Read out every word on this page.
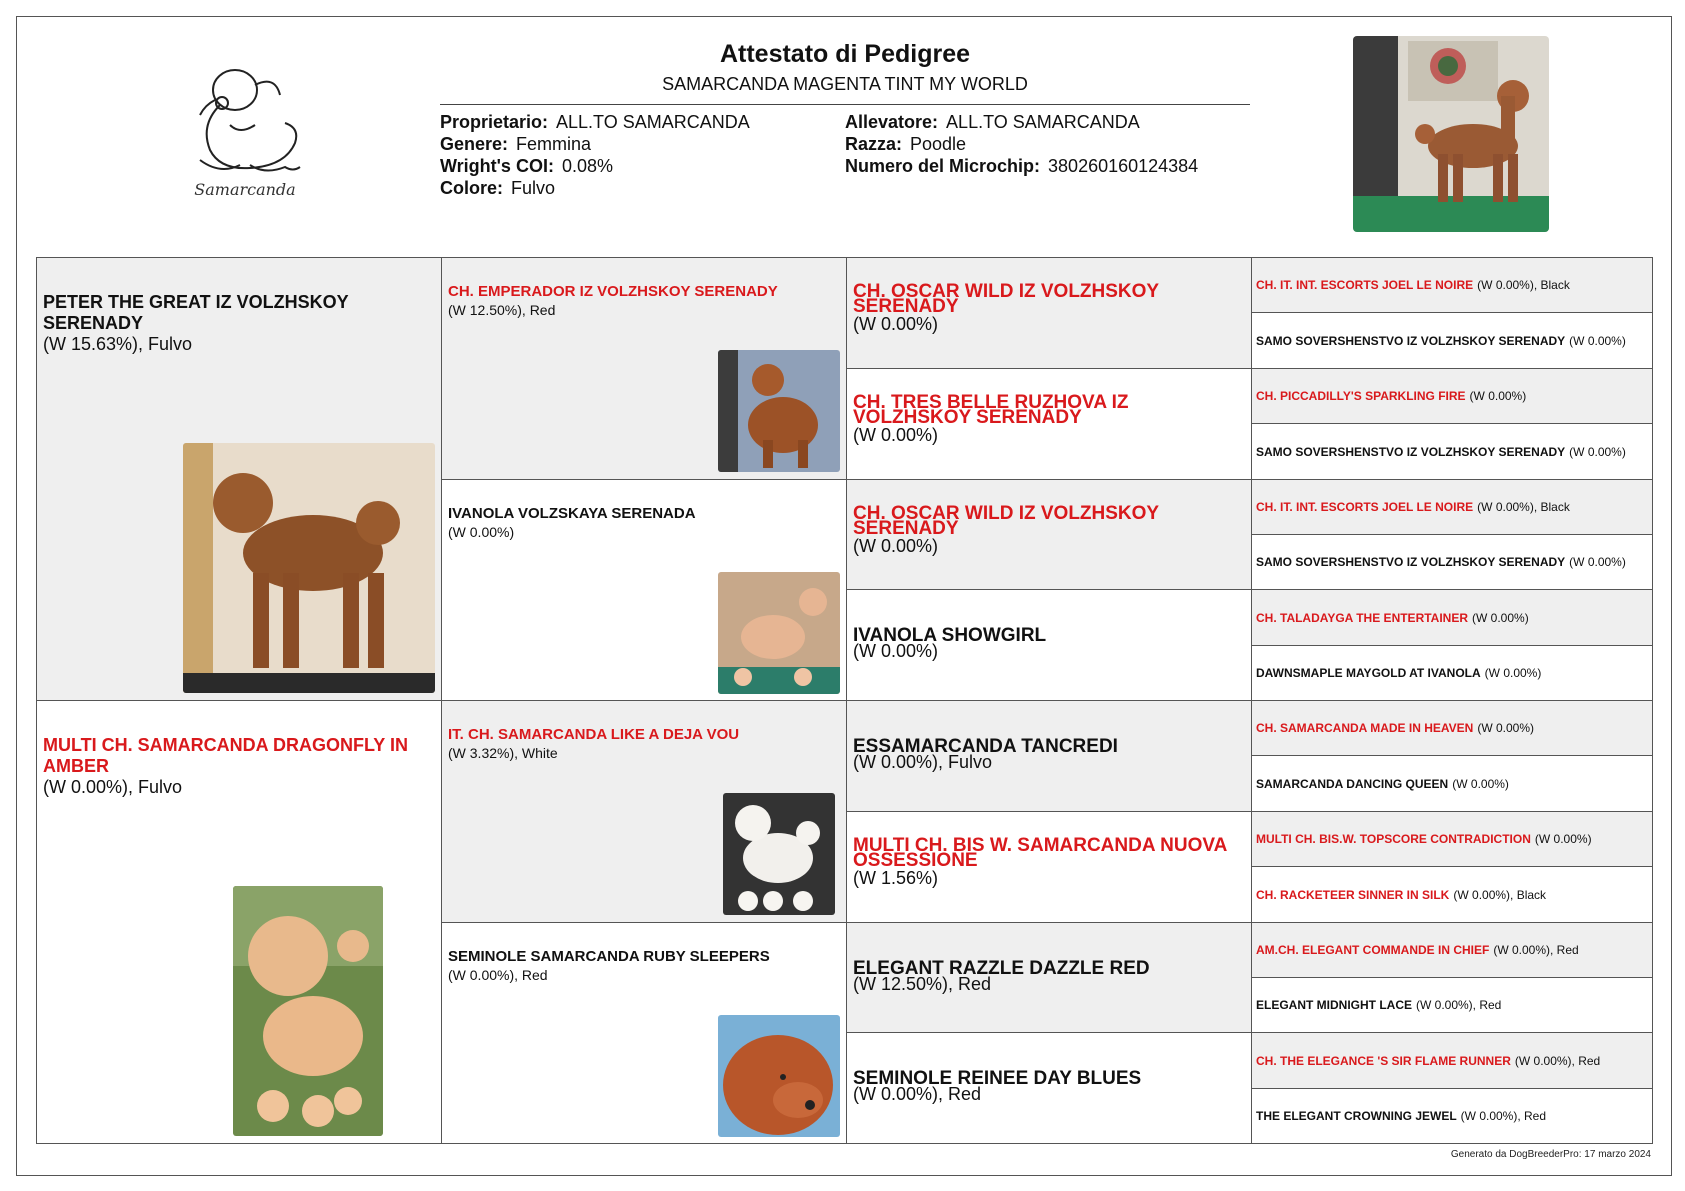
Samarcanda
Attestato di Pedigree
SAMARCANDA MAGENTA TINT MY WORLD
Proprietario: ALL.TO SAMARCANDA
Genere: Femmina
Wright's COI: 0.08%
Colore: Fulvo
Allevatore: ALL.TO SAMARCANDA
Razza: Poodle
Numero del Microchip: 380260160124384
PETER THE GREAT IZ VOLZHSKOY SERENADY
(W 15.63%), Fulvo
MULTI CH. SAMARCANDA DRAGONFLY IN AMBER
(W 0.00%), Fulvo
CH. EMPERADOR IZ VOLZHSKOY SERENADY
(W 12.50%), Red
IVANOLA VOLZSKAYA SERENADA
(W 0.00%)
IT. CH. SAMARCANDA LIKE A DEJA VOU
(W 3.32%), White
SEMINOLE SAMARCANDA RUBY SLEEPERS
(W 0.00%), Red
CH. OSCAR WILD IZ VOLZHSKOY SERENADY
(W 0.00%)
CH. TRES BELLE RUZHOVA IZ VOLZHSKOY SERENADY
(W 0.00%)
CH. OSCAR WILD IZ VOLZHSKOY SERENADY
(W 0.00%)
IVANOLA SHOWGIRL
(W 0.00%)
ESSAMARCANDA TANCREDI
(W 0.00%), Fulvo
MULTI CH. BIS W. SAMARCANDA NUOVA OSSESSIONE
(W 1.56%)
ELEGANT RAZZLE DAZZLE RED
(W 12.50%), Red
SEMINOLE REINEE DAY BLUES
(W 0.00%), Red
CH. IT. INT. ESCORTS JOEL LE NOIRE (W 0.00%), Black
SAMO SOVERSHENSTVO IZ VOLZHSKOY SERENADY (W 0.00%)
CH. PICCADILLY'S SPARKLING FIRE (W 0.00%)
SAMO SOVERSHENSTVO IZ VOLZHSKOY SERENADY (W 0.00%)
CH. IT. INT. ESCORTS JOEL LE NOIRE (W 0.00%), Black
SAMO SOVERSHENSTVO IZ VOLZHSKOY SERENADY (W 0.00%)
CH. TALADAYGA THE ENTERTAINER (W 0.00%)
DAWNSMAPLE MAYGOLD AT IVANOLA (W 0.00%)
CH. SAMARCANDA MADE IN HEAVEN (W 0.00%)
SAMARCANDA DANCING QUEEN (W 0.00%)
MULTI CH. BIS.W. TOPSCORE CONTRADICTION (W 0.00%)
CH. RACKETEER SINNER IN SILK (W 0.00%), Black
AM.CH. ELEGANT COMMANDE IN CHIEF (W 0.00%), Red
ELEGANT MIDNIGHT LACE (W 0.00%), Red
CH. THE ELEGANCE 'S SIR FLAME RUNNER (W 0.00%), Red
THE ELEGANT CROWNING JEWEL (W 0.00%), Red
Generato da DogBreederPro: 17 marzo 2024
